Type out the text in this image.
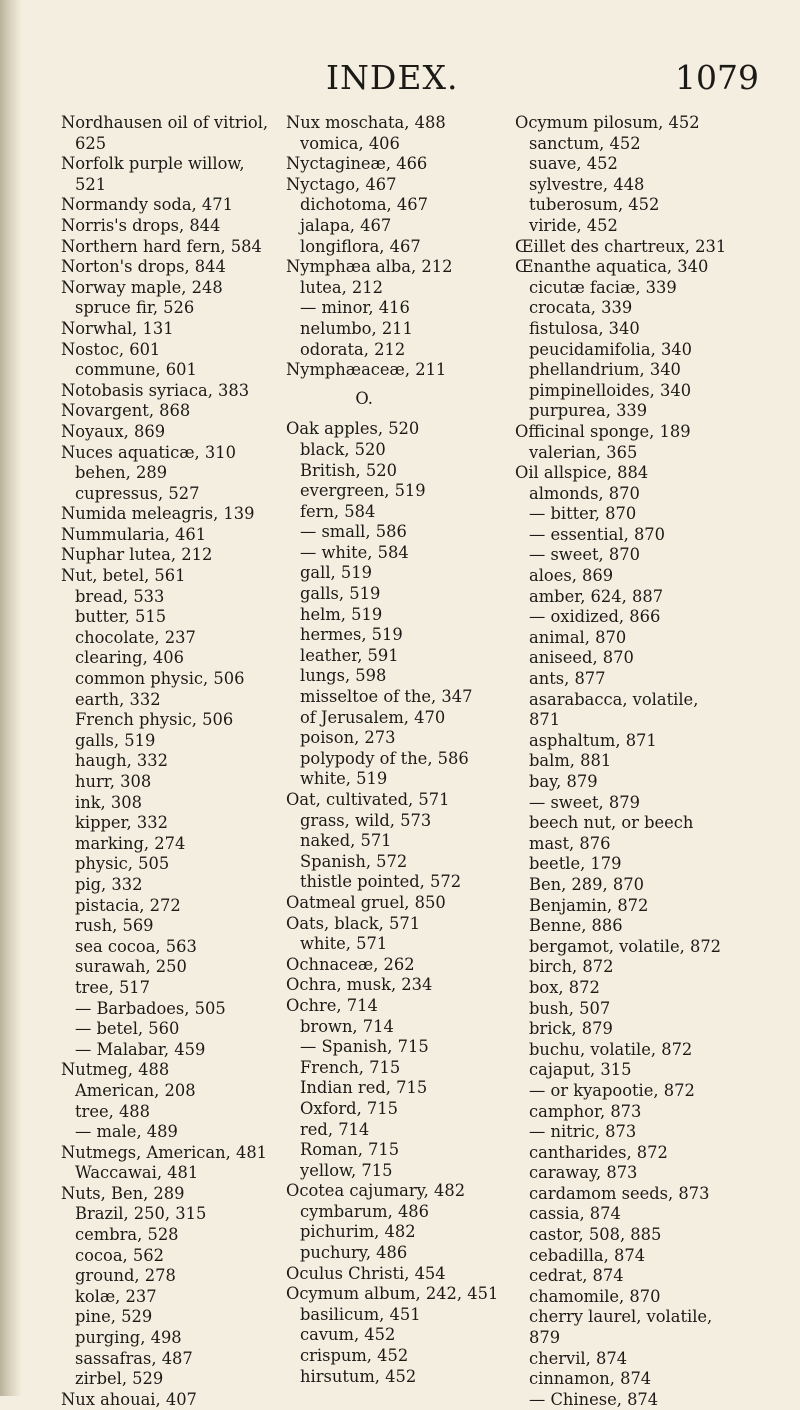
INDEX.	1079
Nordhausen oil of vitriol,
625
Norfolk purple willow,
521
Normandy soda, 471
Norris's drops, 844
Northern hard fern, 584
Norton's drops, 844
Norway maple, 248
spruce fir, 526
Norwhal, 131
Nostoc, 601
commune, 601
Notobasis syriaca, 383
Novargent, 868
Noyaux, 869
Nuces aquaticæ, 310
behen, 289
cupressus, 527
Numida meleagris, 139
Nummularia, 461
Nuphar lutea, 212
Nut, betel, 561
bread, 533
butter, 515
chocolate, 237
clearing, 406
common physic, 506
earth, 332
French physic, 506
galls, 519
haugh, 332
hurr, 308
ink, 308
kipper, 332
marking, 274
physic, 505
pig, 332
pistacia, 272
rush, 569
sea cocoa, 563
surawah, 250
tree, 517
— Barbadoes, 505
— betel, 560
— Malabar, 459
Nutmeg, 488
American, 208
tree, 488
— male, 489
Nutmegs, American, 481
Waccawai, 481
Nuts, Ben, 289
Brazil, 250, 315
cembra, 528
cocoa, 562
ground, 278
kolæ, 237
pine, 529
purging, 498
sassafras, 487
zirbel, 529
Nux ahouai, 407
Nux moschata, 488
vomica, 406
Nyctagineæ, 466
Nyctago, 467
dichotoma, 467
jalapa, 467
longiflora, 467
Nymphæa alba, 212
lutea, 212
— minor, 416
nelumbo, 211
odorata, 212
Nymphæaceæ, 211
O.
Oak apples, 520
black, 520
British, 520
evergreen, 519
fern, 584
— small, 586
— white, 584
gall, 519
galls, 519
helm, 519
hermes, 519
leather, 591
lungs, 598
misseltoe of the, 347
of Jerusalem, 470
poison, 273
polypody of the, 586
white, 519
Oat, cultivated, 571
grass, wild, 573
naked, 571
Spanish, 572
thistle pointed, 572
Oatmeal gruel, 850
Oats, black, 571
white, 571
Ochnaceæ, 262
Ochra, musk, 234
Ochre, 714
brown, 714
— Spanish, 715
French, 715
Indian red, 715
Oxford, 715
red, 714
Roman, 715
yellow, 715
Ocotea cajumary, 482
cymbarum, 486
pichurim, 482
puchury, 486
Oculus Christi, 454
Ocymum album, 242, 451
basilicum, 451
cavum, 452
crispum, 452
hirsutum, 452
Ocymum pilosum, 452
sanctum, 452
suave, 452
sylvestre, 448
tuberosum, 452
viride, 452
Œillet des chartreux, 231
Œnanthe aquatica, 340
cicutæ faciæ, 339
crocata, 339
fistulosa, 340
peucidamifolia, 340
phellandrium, 340
pimpinelloides, 340
purpurea, 339
Officinal sponge, 189
valerian, 365
Oil allspice, 884
almonds, 870
— bitter, 870
— essential, 870
— sweet, 870
aloes, 869
amber, 624, 887
— oxidized, 866
animal, 870
aniseed, 870
ants, 877
asarabacca, volatile,
871
asphaltum, 871
balm, 881
bay, 879
— sweet, 879
beech nut, or beech
mast, 876
beetle, 179
Ben, 289, 870
Benjamin, 872
Benne, 886
bergamot, volatile, 872
birch, 872
box, 872
bush, 507
brick, 879
buchu, volatile, 872
cajaput, 315
— or kyapootie, 872
camphor, 873
— nitric, 873
cantharides, 872
caraway, 873
cardamom seeds, 873
cassia, 874
castor, 508, 885
cebadilla, 874
cedrat, 874
chamomile, 870
cherry laurel, volatile,
879
chervil, 874
cinnamon, 874
— Chinese, 874
